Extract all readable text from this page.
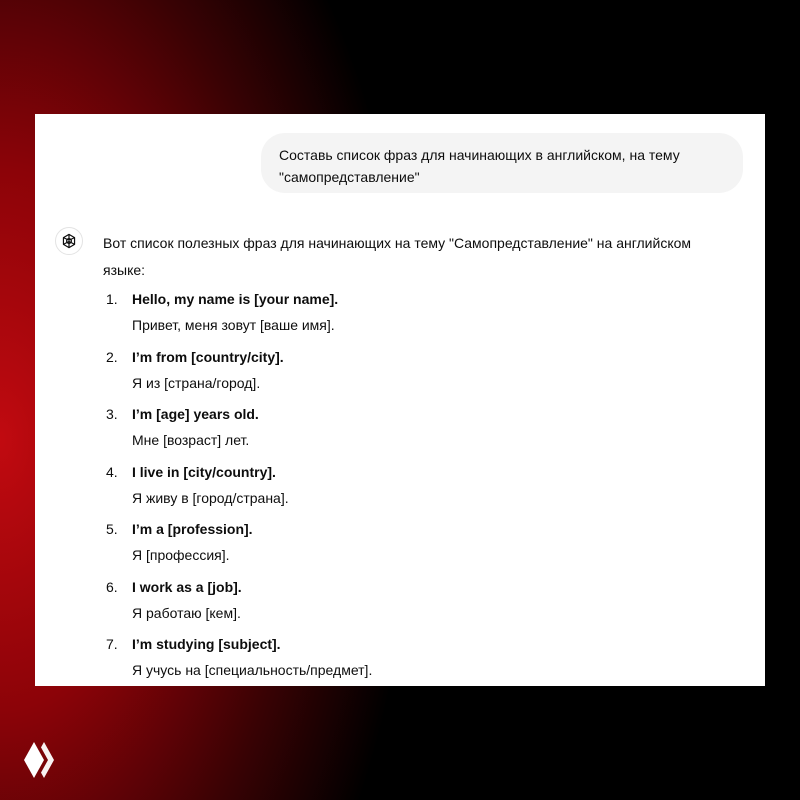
Составь список фраз для начинающих в английском, на тему
"самопредставление"
Вот список полезных фраз для начинающих на тему "Самопредставление" на английском
языке:
1. Hello, my name is [your name].
Привет, меня зовут [ваше имя].
2. I’m from [country/city].
Я из [страна/город].
3. I’m [age] years old.
Мне [возраст] лет.
4. I live in [city/country].
Я живу в [город/страна].
5. I’m a [profession].
Я [профессия].
6. I work as a [job].
Я работаю [кем].
7. I’m studying [subject].
Я учусь на [специальность/предмет].
